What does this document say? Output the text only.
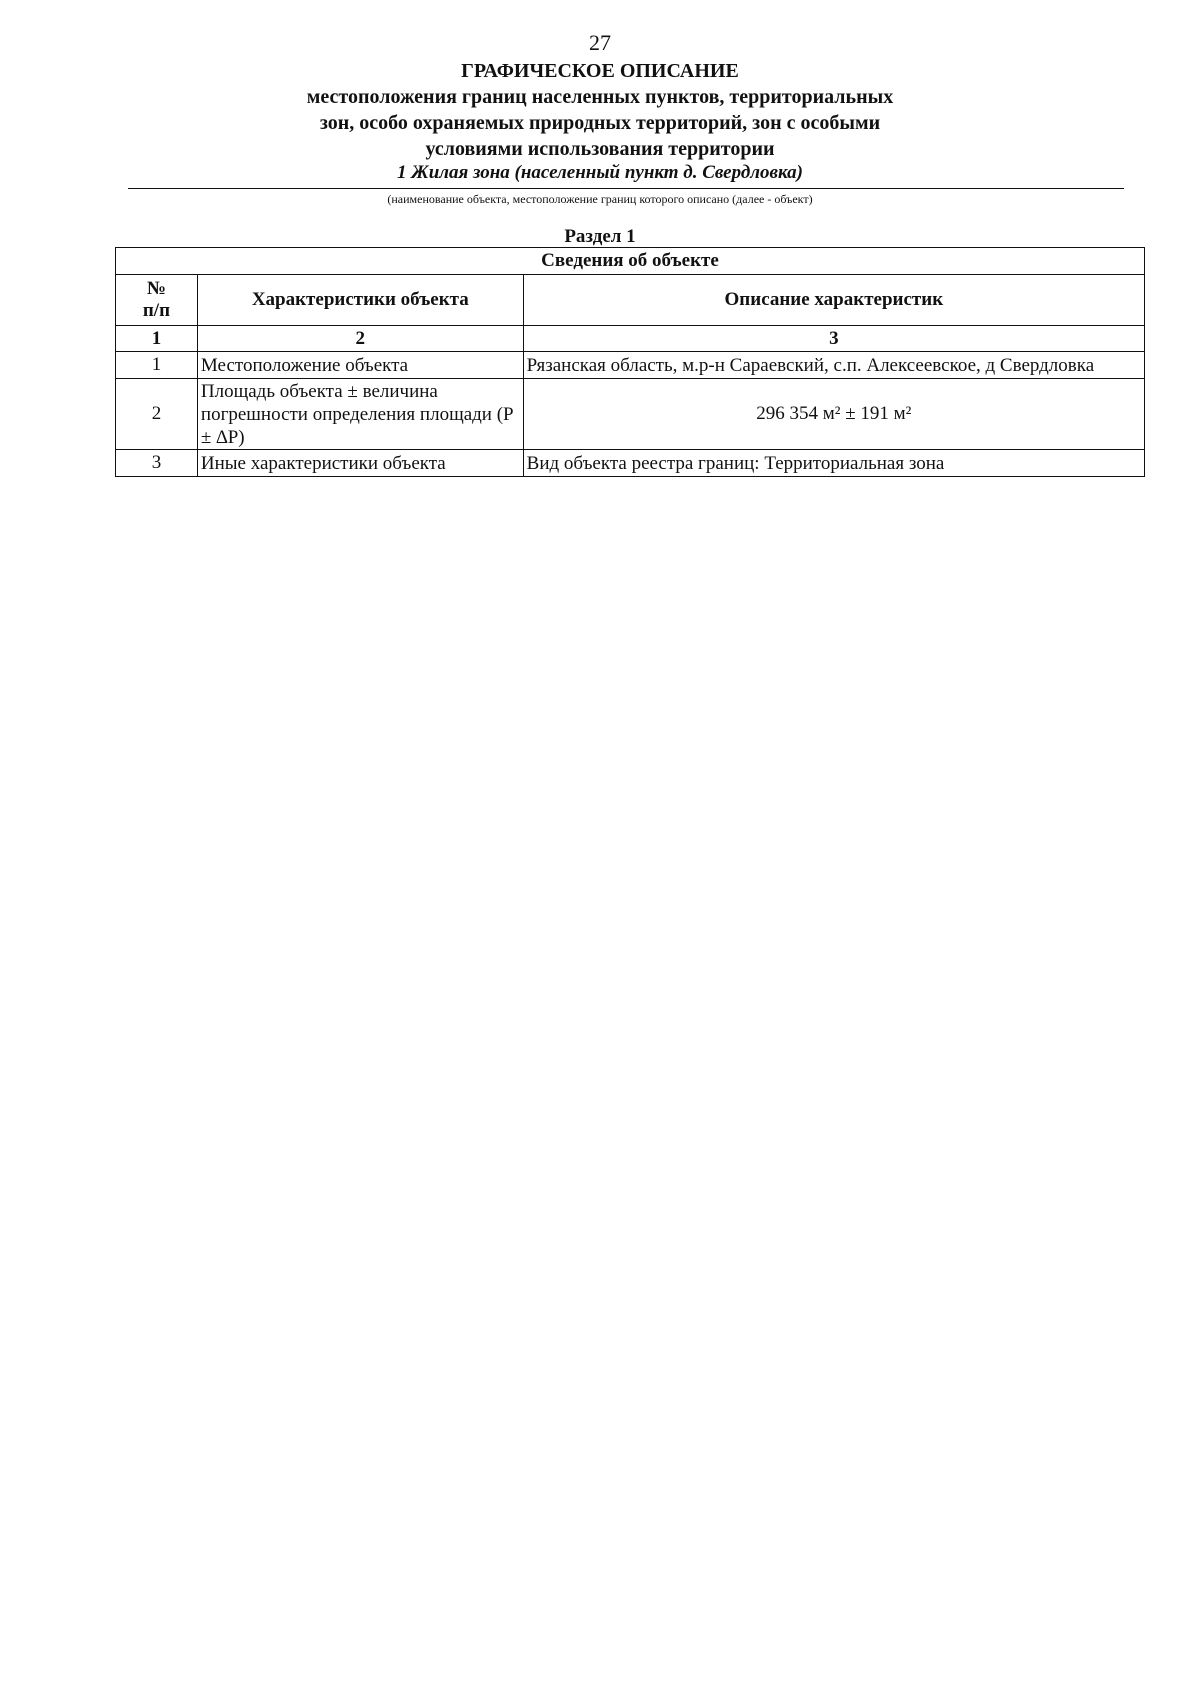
27
ГРАФИЧЕСКОЕ ОПИСАНИЕ
местоположения границ населенных пунктов, территориальных
зон, особо охраняемых природных территорий, зон с особыми
условиями использования территории
1 Жилая зона (населенный пункт д. Свердловка)
(наименование объекта, местоположение границ которого описано (далее - объект)
Раздел 1
Сведения об объекте		

№
п/п	Характеристики объекта	Описание характеристик
1	2	3
1	Местоположение объекта	Рязанская область, м.р-н Сараевский, с.п. Алексеевское, д Свердловка
2	Площадь объекта ± величина погрешности определения площади (Р ± ∆Р)	296 354 м² ± 191 м²
3	Иные характеристики объекта	Вид объекта реестра границ: Территориальная зона
